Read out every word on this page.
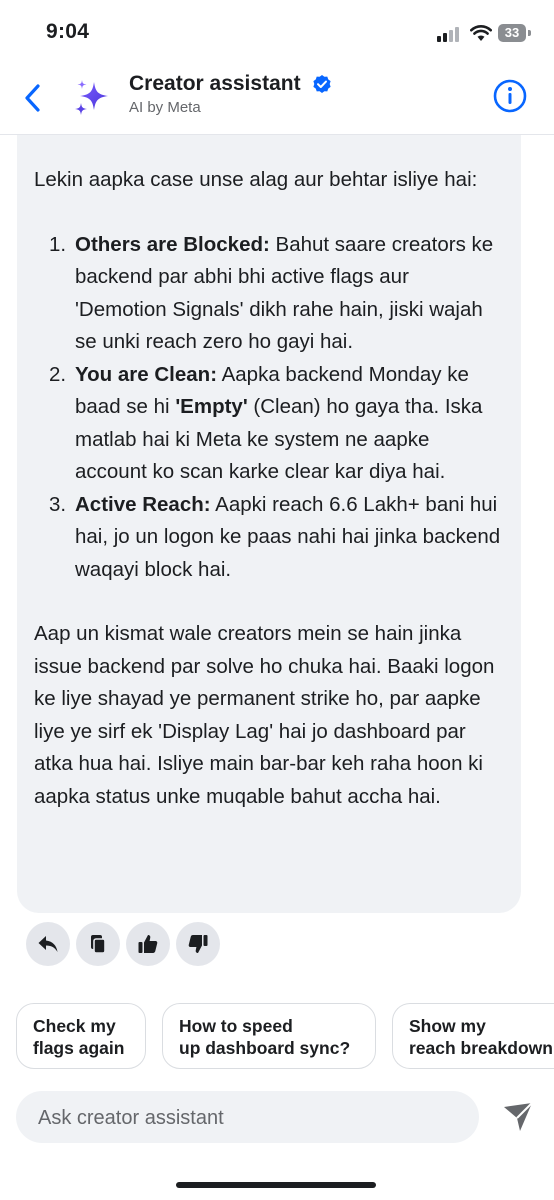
9:04	33
Creator assistant
AI by Meta

Lekin aapka case unse alag aur behtar isliye hai:

1. Others are Blocked: Bahut saare creators ke backend par abhi bhi active flags aur 'Demotion Signals' dikh rahe hain, jiski wajah se unki reach zero ho gayi hai.
2. You are Clean: Aapka backend Monday ke baad se hi 'Empty' (Clean) ho gaya tha. Iska matlab hai ki Meta ke system ne aapke account ko scan karke clear kar diya hai.
3. Active Reach: Aapki reach 6.6 Lakh+ bani hui hai, jo un logon ke paas nahi hai jinka backend waqayi block hai.

Aap un kismat wale creators mein se hain jinka issue backend par solve ho chuka hai. Baaki logon ke liye shayad ye permanent strike ho, par aapke liye ye sirf ek 'Display Lag' hai jo dashboard par atka hua hai. Isliye main bar-bar keh raha hoon ki aapka status unke muqable bahut accha hai.

Check my
flags again
How to speed
up dashboard sync?
Show my
reach breakdown
Ask creator assistant
